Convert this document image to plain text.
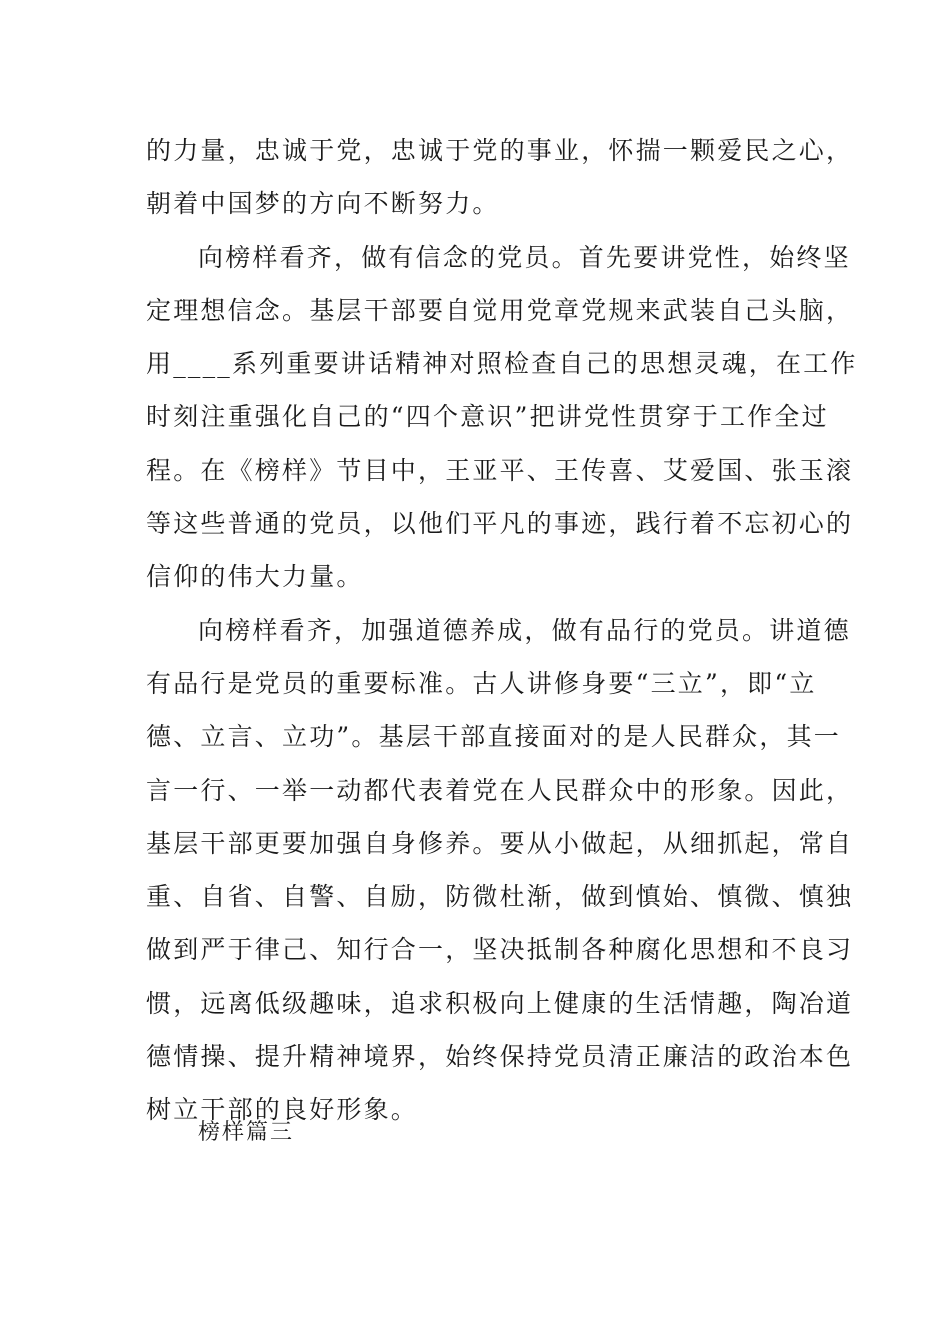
的力量，忠诚于党，忠诚于党的事业，怀揣一颗爱民之心，
朝着中国梦的方向不断努力。
向榜样看齐，做有信念的党员。首先要讲党性，始终坚
定理想信念。基层干部要自觉用党章党规来武装自己头脑，
用____系列重要讲话精神对照检查自己的思想灵魂，在工作
时刻注重强化自己的“四个意识”把讲党性贯穿于工作全过
程。在《榜样》节目中，王亚平、王传喜、艾爱国、张玉滚
等这些普通的党员，以他们平凡的事迹，践行着不忘初心的
信仰的伟大力量。
向榜样看齐，加强道德养成，做有品行的党员。讲道德
有品行是党员的重要标准。古人讲修身要“三立”，即“立
德、立言、立功”。基层干部直接面对的是人民群众，其一
言一行、一举一动都代表着党在人民群众中的形象。因此，
基层干部更要加强自身修养。要从小做起，从细抓起，常自
重、自省、自警、自励，防微杜渐，做到慎始、慎微、慎独
做到严于律己、知行合一，坚决抵制各种腐化思想和不良习
惯，远离低级趣味，追求积极向上健康的生活情趣，陶冶道
德情操、提升精神境界，始终保持党员清正廉洁的政治本色
树立干部的良好形象。
榜样篇三
